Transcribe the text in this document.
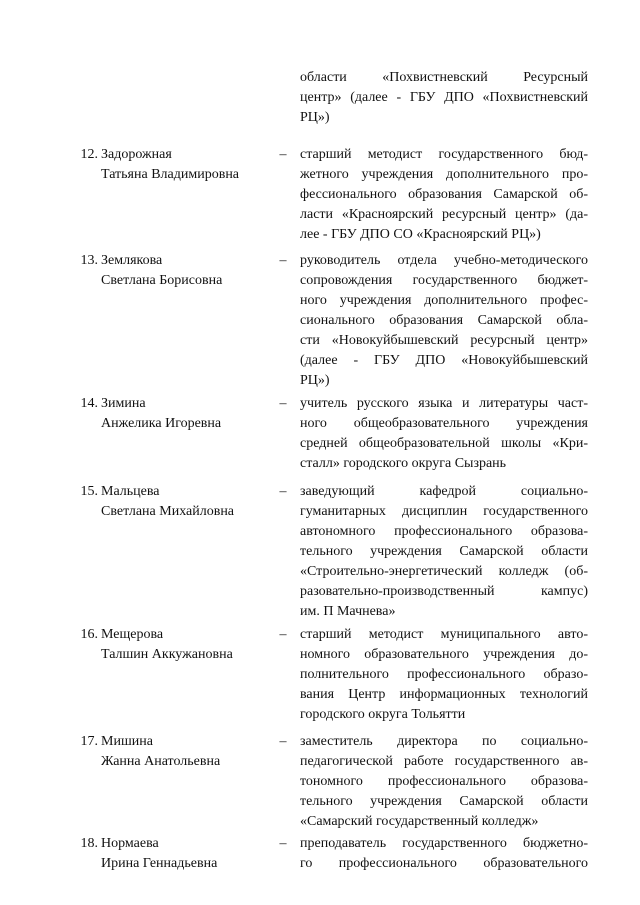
области «Похвистневский Ресурсный
центр» (далее - ГБУ ДПО «Похвистневский
РЦ»)
12. Задорожная
Татьяна Владимировна
– старший методист государственного бюд-
жетного учреждения дополнительного про-
фессионального образования Самарской об-
ласти «Красноярский ресурсный центр» (да-
лее - ГБУ ДПО СО «Красноярский РЦ»)
13. Землякова
Светлана Борисовна
– руководитель отдела учебно-методического
сопровождения государственного бюджет-
ного учреждения дополнительного профес-
сионального образования Самарской обла-
сти «Новокуйбышевский ресурсный центр»
(далее - ГБУ ДПО «Новокуйбышевский
РЦ»)
14. Зимина
Анжелика Игоревна
– учитель русского языка и литературы част-
ного общеобразовательного учреждения
средней общеобразовательной школы «Кри-
сталл» городского округа Сызрань
15. Мальцева
Светлана Михайловна
– заведующий кафедрой социально-
гуманитарных дисциплин государственного
автономного профессионального образова-
тельного учреждения Самарской области
«Строительно-энергетический колледж (об-
разовательно-производственный кампус)
им. П Мачнева»
16. Мещерова
Талшин Аккужановна
– старший методист муниципального авто-
номного образовательного учреждения до-
полнительного профессионального образо-
вания Центр информационных технологий
городского округа Тольятти
17. Мишина
Жанна Анатольевна
– заместитель директора по социально-
педагогической работе государственного ав-
тономного профессионального образова-
тельного учреждения Самарской области
«Самарский государственный колледж»
18. Нормаева
Ирина Геннадьевна
– преподаватель государственного бюджетно-
го профессионального образовательного
